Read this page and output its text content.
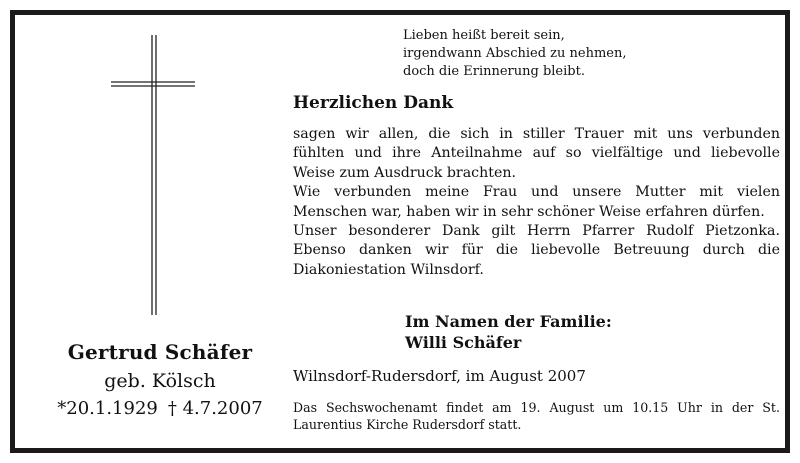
Gertrud Schäfer
geb. Kölsch
*20.1.1929 † 4.7.2007
Lieben heißt bereit sein,
irgendwann Abschied zu nehmen,
doch die Erinnerung bleibt.
Herzlichen Dank

sagen wir allen, die sich in stiller Trauer mit uns verbunden fühlten und ihre Anteilnahme auf so vielfältige und liebevolle Weise zum Ausdruck brachten.

Wie verbunden meine Frau und unsere Mutter mit vielen Menschen war, haben wir in sehr schöner Weise erfahren dürfen.

Unser besonderer Dank gilt Herrn Pfarrer Rudolf Pietzonka. Ebenso danken wir für die liebevolle Betreuung durch die Diakoniestation Wilnsdorf.

Im Namen der Familie:
Willi Schäfer
Wilnsdorf-Rudersdorf, im August 2007
Das Sechswochenamt findet am 19. August um 10.15 Uhr in der St. Laurentius Kirche Rudersdorf statt.
